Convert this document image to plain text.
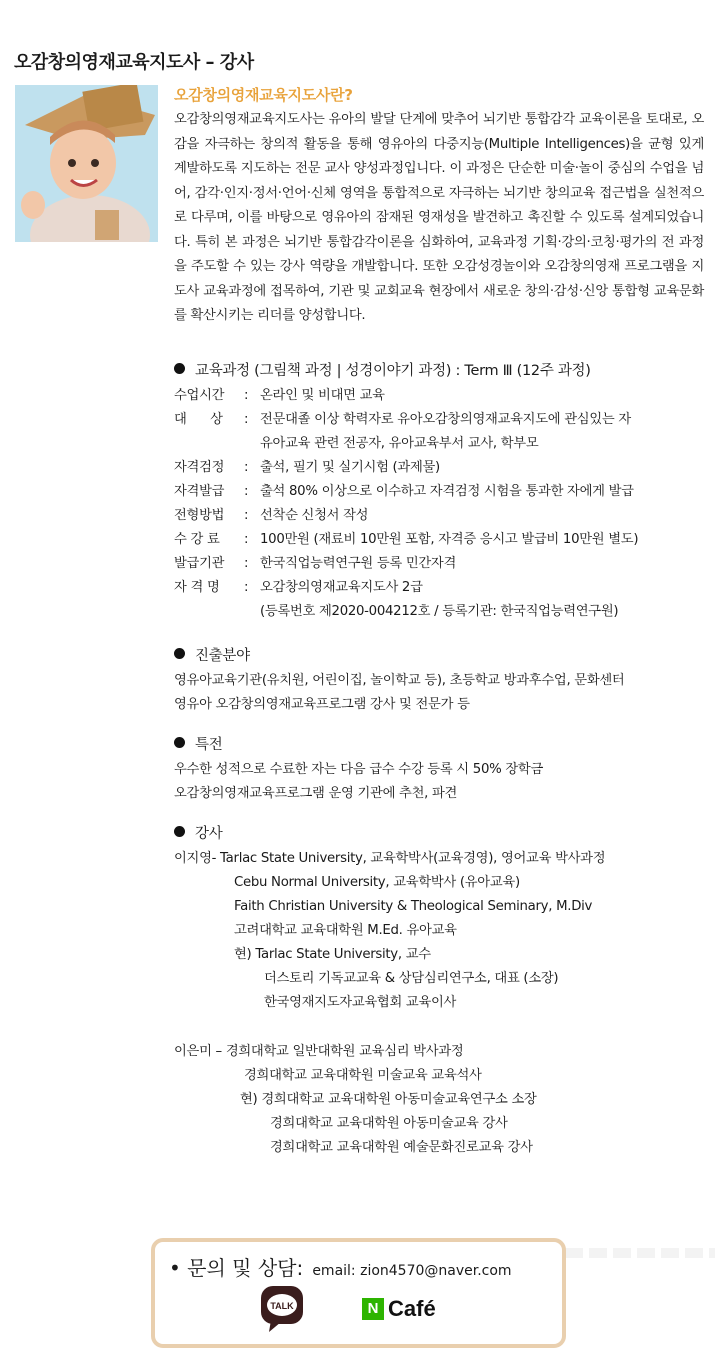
오감창의영재교육지도사 – 강사
오감창의영재교육지도사란?

오감창의영재교육지도사는 유아의 발달 단계에 맞추어 뇌기반 통합감각 교육이론을 토대로, 오감을 자극하는 창의적 활동을 통해 영유아의 다중지능(Multiple Intelligences)을 균형 있게 계발하도록 지도하는 전문 교사 양성과정입니다. 이 과정은 단순한 미술·놀이 중심의 수업을 넘어, 감각·인지·정서·언어·신체 영역을 통합적으로 자극하는 뇌기반 창의교육 접근법을 실천적으로 다루며, 이를 바탕으로 영유아의 잠재된 영재성을 발견하고 촉진할 수 있도록 설계되었습니다. 특히 본 과정은 뇌기반 통합감각이론을 심화하여, 교육과정 기획·강의·코칭·평가의 전 과정을 주도할 수 있는 강사 역량을 개발합니다. 또한 오감성경놀이와 오감창의영재 프로그램을 지도사 교육과정에 접목하여, 기관 및 교회교육 현장에서 새로운 창의·감성·신앙 통합형 교육문화를 확산시키는 리더를 양성합니다.

교육과정 (그림책 과정 | 성경이야기 과정) : Term Ⅲ (12주 과정)
수업시간	: 온라인 및 비대면 교육
대      상	: 전문대졸 이상 학력자로 유아오감창의영재교육지도에 관심있는 자
유아교육 관련 전공자, 유아교육부서 교사, 학부모
자격검정	: 출석, 필기 및 실기시험 (과제물)
자격발급	: 출석 80% 이상으로 이수하고 자격검정 시험을 통과한 자에게 발급
전형방법	: 선착순 신청서 작성
수 강 료	: 100만원 (재료비 10만원 포함, 자격증 응시고 발급비 10만원 별도)
발급기관	: 한국직업능력연구원 등록 민간자격
자 격 명	: 오감창의영재교육지도사 2급
(등록번호 제2020-004212호 / 등록기관: 한국직업능력연구원)
진출분야
영유아교육기관(유치원, 어린이집, 놀이학교 등), 초등학교 방과후수업, 문화센터
영유아 오감창의영재교육프로그램 강사 및 전문가 등
특전
우수한 성적으로 수료한 자는 다음 급수 수강 등록 시 50% 장학금
오감창의영재교육프로그램 운영 기관에 추천, 파견
강사
이지영- Tarlac State University, 교육학박사(교육경영), 영어교육 박사과정
Cebu Normal University, 교육학박사 (유아교육)
Faith Christian University & Theological Seminary, M.Div
고려대학교 교육대학원 M.Ed. 유아교육
현) Tarlac State University, 교수
더스토리 기독교교육 & 상담심리연구소, 대표 (소장)
한국영재지도자교육협회 교육이사
이은미 – 경희대학교 일반대학원 교육심리 박사과정
경희대학교 교육대학원 미술교육 교육석사
현) 경희대학교 교육대학원 아동미술교육연구소 소장
경희대학교 교육대학원 아동미술교육 강사
경희대학교 교육대학원 예술문화진로교육 강사
• 문의 및 상담: email: zion4570@naver.com
TALK	N Café
